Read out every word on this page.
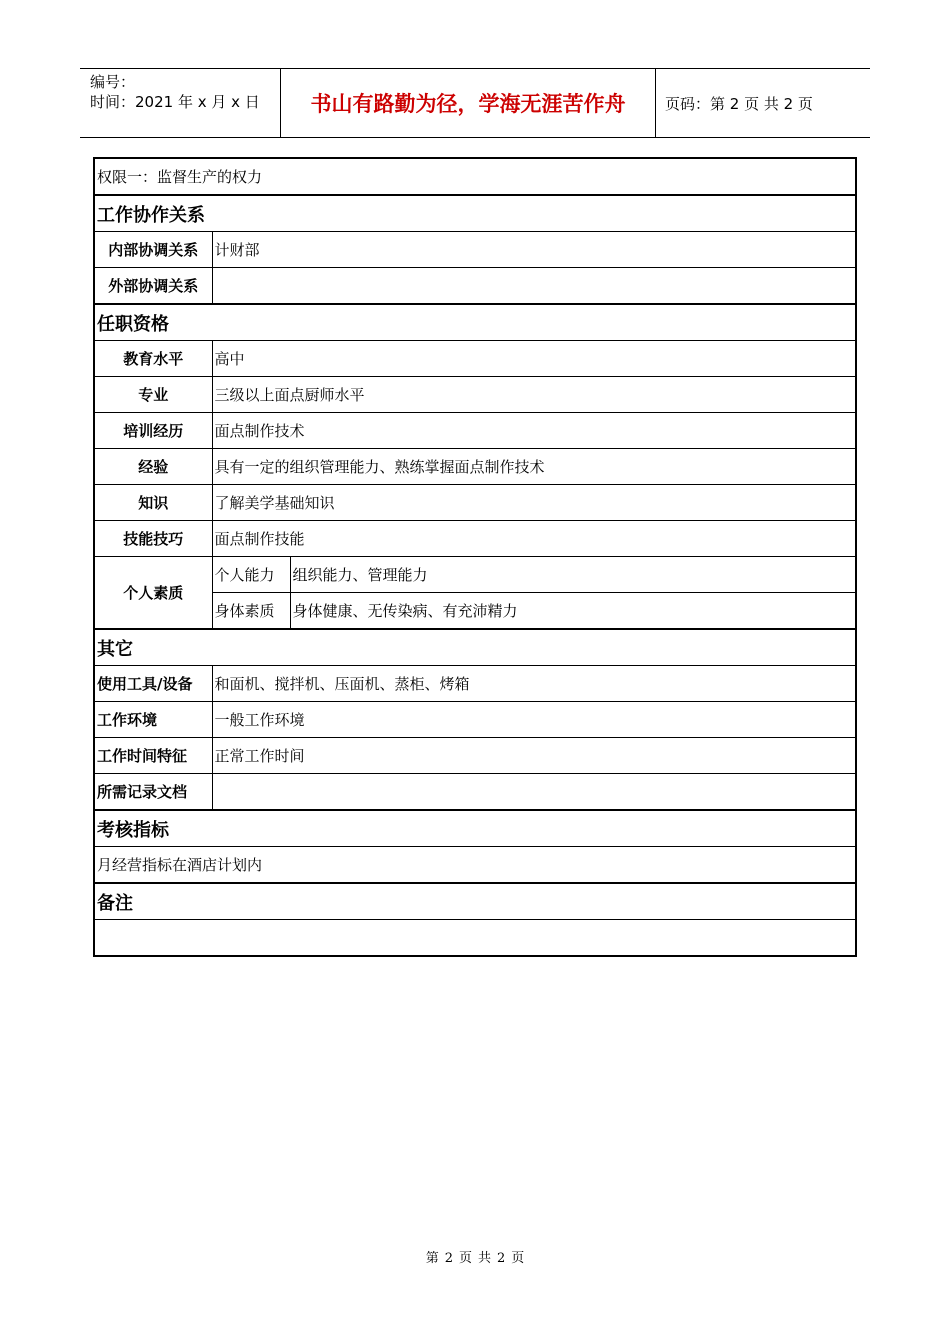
编号：
时间：2021 年 x 月 x 日	书山有路勤为径，学海无涯苦作舟	页码：第 2 页 共 2 页
权限一：监督生产的权力		
工作协作关系		
内部协调关系	计财部	
外部协调关系		
任职资格		
教育水平	高中	
专业	三级以上面点厨师水平	
培训经历	面点制作技术	
经验	具有一定的组织管理能力、熟练掌握面点制作技术	
知识	了解美学基础知识	
技能技巧	面点制作技能	
个人素质	个人能力	组织能力、管理能力
	身体素质	身体健康、无传染病、有充沛精力
其它		
使用工具/设备	和面机、搅拌机、压面机、蒸柜、烤箱	
工作环境	一般工作环境	
工作时间特征	正常工作时间	
所需记录文档		
考核指标		
月经营指标在酒店计划内		
备注		

第 2 页 共 2 页
